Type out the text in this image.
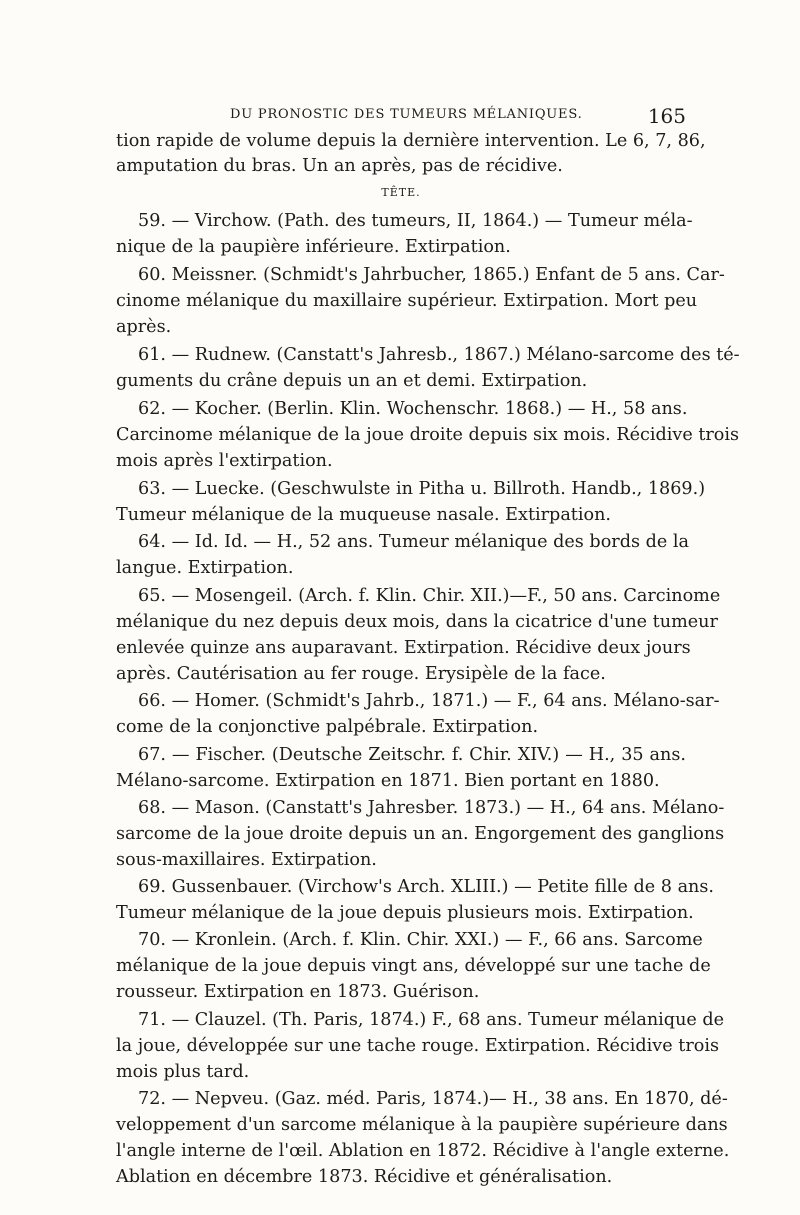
DU PRONOSTIC DES TUMEURS MÉLANIQUES.	165
tion rapide de volume depuis la dernière intervention. Le 6, 7, 86,
amputation du bras. Un an après, pas de récidive.
TÊTE.
59. — Virchow. (Path. des tumeurs, II, 1864.) — Tumeur méla-
nique de la paupière inférieure. Extirpation.
60. Meissner. (Schmidt's Jahrbucher, 1865.) Enfant de 5 ans. Car-
cinome mélanique du maxillaire supérieur. Extirpation. Mort peu
après.
61. — Rudnew. (Canstatt's Jahresb., 1867.) Mélano-sarcome des té-
guments du crâne depuis un an et demi. Extirpation.
62. — Kocher. (Berlin. Klin. Wochenschr. 1868.) — H., 58 ans.
Carcinome mélanique de la joue droite depuis six mois. Récidive trois
mois après l'extirpation.
63. — Luecke. (Geschwulste in Pitha u. Billroth. Handb., 1869.)
Tumeur mélanique de la muqueuse nasale. Extirpation.
64. — Id. Id. — H., 52 ans. Tumeur mélanique des bords de la
langue. Extirpation.
65. — Mosengeil. (Arch. f. Klin. Chir. XII.)—F., 50 ans. Carcinome
mélanique du nez depuis deux mois, dans la cicatrice d'une tumeur
enlevée quinze ans auparavant. Extirpation. Récidive deux jours
après. Cautérisation au fer rouge. Erysipèle de la face.
66. — Homer. (Schmidt's Jahrb., 1871.) — F., 64 ans. Mélano-sar-
come de la conjonctive palpébrale. Extirpation.
67. — Fischer. (Deutsche Zeitschr. f. Chir. XIV.) — H., 35 ans.
Mélano-sarcome. Extirpation en 1871. Bien portant en 1880.
68. — Mason. (Canstatt's Jahresber. 1873.) — H., 64 ans. Mélano-
sarcome de la joue droite depuis un an. Engorgement des ganglions
sous-maxillaires. Extirpation.
69. Gussenbauer. (Virchow's Arch. XLIII.) — Petite fille de 8 ans.
Tumeur mélanique de la joue depuis plusieurs mois. Extirpation.
70. — Kronlein. (Arch. f. Klin. Chir. XXI.) — F., 66 ans. Sarcome
mélanique de la joue depuis vingt ans, développé sur une tache de
rousseur. Extirpation en 1873. Guérison.
71. — Clauzel. (Th. Paris, 1874.) F., 68 ans. Tumeur mélanique de
la joue, développée sur une tache rouge. Extirpation. Récidive trois
mois plus tard.
72. — Nepveu. (Gaz. méd. Paris, 1874.)— H., 38 ans. En 1870, dé-
veloppement d'un sarcome mélanique à la paupière supérieure dans
l'angle interne de l'œil. Ablation en 1872. Récidive à l'angle externe.
Ablation en décembre 1873. Récidive et généralisation.
